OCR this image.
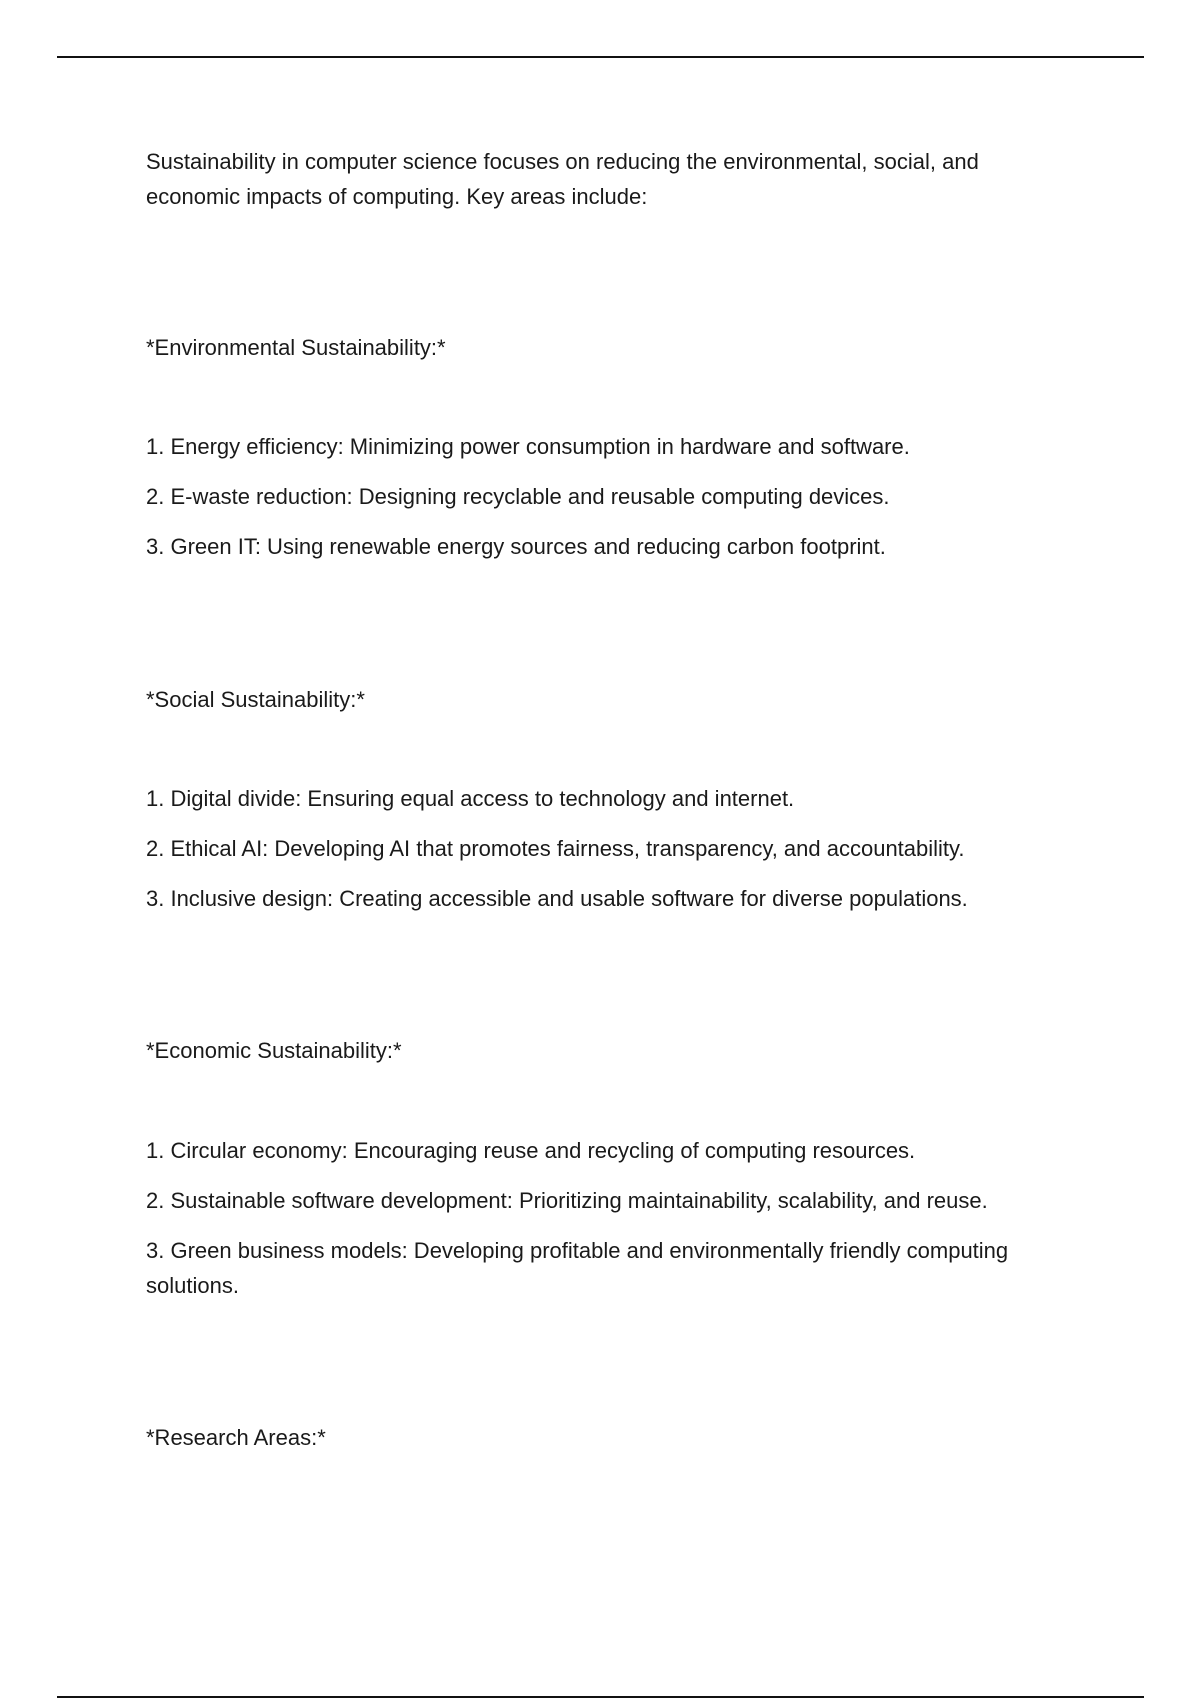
Sustainability in computer science focuses on reducing the environmental, social, and economic impacts of computing. Key areas include:

*Environmental Sustainability:*
1. Energy efficiency: Minimizing power consumption in hardware and software.
2. E-waste reduction: Designing recyclable and reusable computing devices.
3. Green IT: Using renewable energy sources and reducing carbon footprint.
*Social Sustainability:*
1. Digital divide: Ensuring equal access to technology and internet.
2. Ethical AI: Developing AI that promotes fairness, transparency, and accountability.
3. Inclusive design: Creating accessible and usable software for diverse populations.
*Economic Sustainability:*
1. Circular economy: Encouraging reuse and recycling of computing resources.
2. Sustainable software development: Prioritizing maintainability, scalability, and reuse.
3. Green business models: Developing profitable and environmentally friendly computing solutions.
*Research Areas:*
